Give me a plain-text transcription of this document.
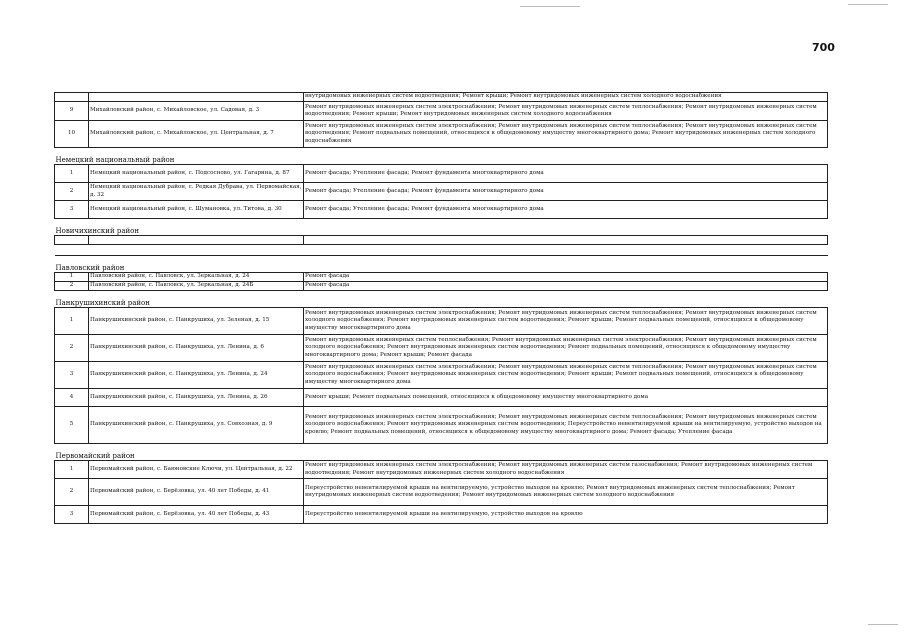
700
		внутридомовых инженерных систем водоотведения; Ремонт крыши; Ремонт внутридомовых инженерных систем холодного водоснабжения
9	Михайловский район, с. Михайловское, ул. Садовая, д. 3	Ремонт внутридомовых инженерных систем электроснабжения; Ремонт внутридомовых инженерных систем теплоснабжения; Ремонт внутридомовых инженерных систем водоотведения; Ремонт крыши; Ремонт внутридомовых инженерных систем холодного водоснабжения
10	Михайловский район, с. Михайловское, ул. Центральная, д. 7	Ремонт внутридомовых инженерных систем электроснабжения; Ремонт внутридомовых инженерных систем теплоснабжения; Ремонт внутридомовых инженерных систем водоотведения; Ремонт подвальных помещений, относящихся к общедомовому имуществу многоквартирного дома; Ремонт внутридомовых инженерных систем холодного водоснабжения
Немецкий национальный район		
1	Немецкий национальный район, с. Подсосново, ул. Гагарина, д. 87	Ремонт фасада; Утепление фасада; Ремонт фундамента многоквартирного дома
2	Немецкий национальный район, с. Редкая Дубрава, ул. Первомайская, д. 32	Ремонт фасада; Утепление фасада; Ремонт фундамента многоквартирного дома
3	Немецкий национальный район, с. Шумановка, ул. Титова, д. 30	Ремонт фасада; Утепление фасада; Ремонт фундамента многоквартирного дома
Новичихинский район		

Павловский район		
1	Павловский район, с. Павловск, ул. Зеркальная, д. 24	Ремонт фасада
2	Павловский район, с. Павловск, ул. Зеркальная, д. 24Б	Ремонт фасада
Панкрушихинский район		
1	Панкрушихинский район, с. Панкрушиха, ул. Зеленая, д. 15	Ремонт внутридомовых инженерных систем электроснабжения; Ремонт внутридомовых инженерных систем теплоснабжения; Ремонт внутридомовых инженерных систем холодного водоснабжения; Ремонт внутридомовых инженерных систем водоотведения; Ремонт крыши; Ремонт подвальных помещений, относящихся к общедомовому имуществу многоквартирного дома
2	Панкрушихинский район, с. Панкрушиха, ул. Ленина, д. 6	Ремонт внутридомовых инженерных систем теплоснабжения; Ремонт внутридомовых инженерных систем электроснабжения; Ремонт внутридомовых инженерных систем холодного водоснабжения; Ремонт внутридомовых инженерных систем водоотведения; Ремонт подвальных помещений, относящихся к общедомовому имуществу многоквартирного дома; Ремонт крыши; Ремонт фасада
3	Панкрушихинский район, с. Панкрушиха, ул. Ленина, д. 24	Ремонт внутридомовых инженерных систем электроснабжения; Ремонт внутридомовых инженерных систем теплоснабжения; Ремонт внутридомовых инженерных систем холодного водоснабжения; Ремонт внутридомовых инженерных систем водоотведения; Ремонт крыши; Ремонт подвальных помещений, относящихся к общедомовому имуществу многоквартирного дома
4	Панкрушихинский район, с. Панкрушиха, ул. Ленина, д. 26	Ремонт крыши; Ремонт подвальных помещений, относящихся к общедомовому имуществу многоквартирного дома
5	Панкрушихинский район, с. Панкрушиха, ул. Совхозная, д. 9	Ремонт внутридомовых инженерных систем электроснабжения; Ремонт внутридомовых инженерных систем теплоснабжения; Ремонт внутридомовых инженерных систем холодного водоснабжения; Ремонт внутридомовых инженерных систем водоотведения; Переустройство невентилируемой крыши на вентилируемую, устройство выходов на кровлю; Ремонт подвальных помещений, относящихся к общедомовому имуществу многоквартирного дома; Ремонт фасада; Утепление фасада
Первомайский район		
1	Первомайский район, с. Баюновские Ключи, ул. Центральная, д. 22	Ремонт внутридомовых инженерных систем электроснабжения; Ремонт внутридомовых инженерных систем газоснабжения; Ремонт внутридомовых инженерных систем водоотведения; Ремонт внутридомовых инженерных систем холодного водоснабжения
2	Первомайский район, с. Берёзовка, ул. 40 лет Победы, д. 41	Переустройство невентилируемой крыши на вентилируемую, устройство выходов на кровлю; Ремонт внутридомовых инженерных систем теплоснабжения; Ремонт внутридомовых инженерных систем водоотведения; Ремонт внутридомовых инженерных систем холодного водоснабжения
3	Первомайский район, с. Берёзовка, ул. 40 лет Победы, д. 43	Переустройство невентилируемой крыши на вентилируемую, устройство выходов на кровлю
